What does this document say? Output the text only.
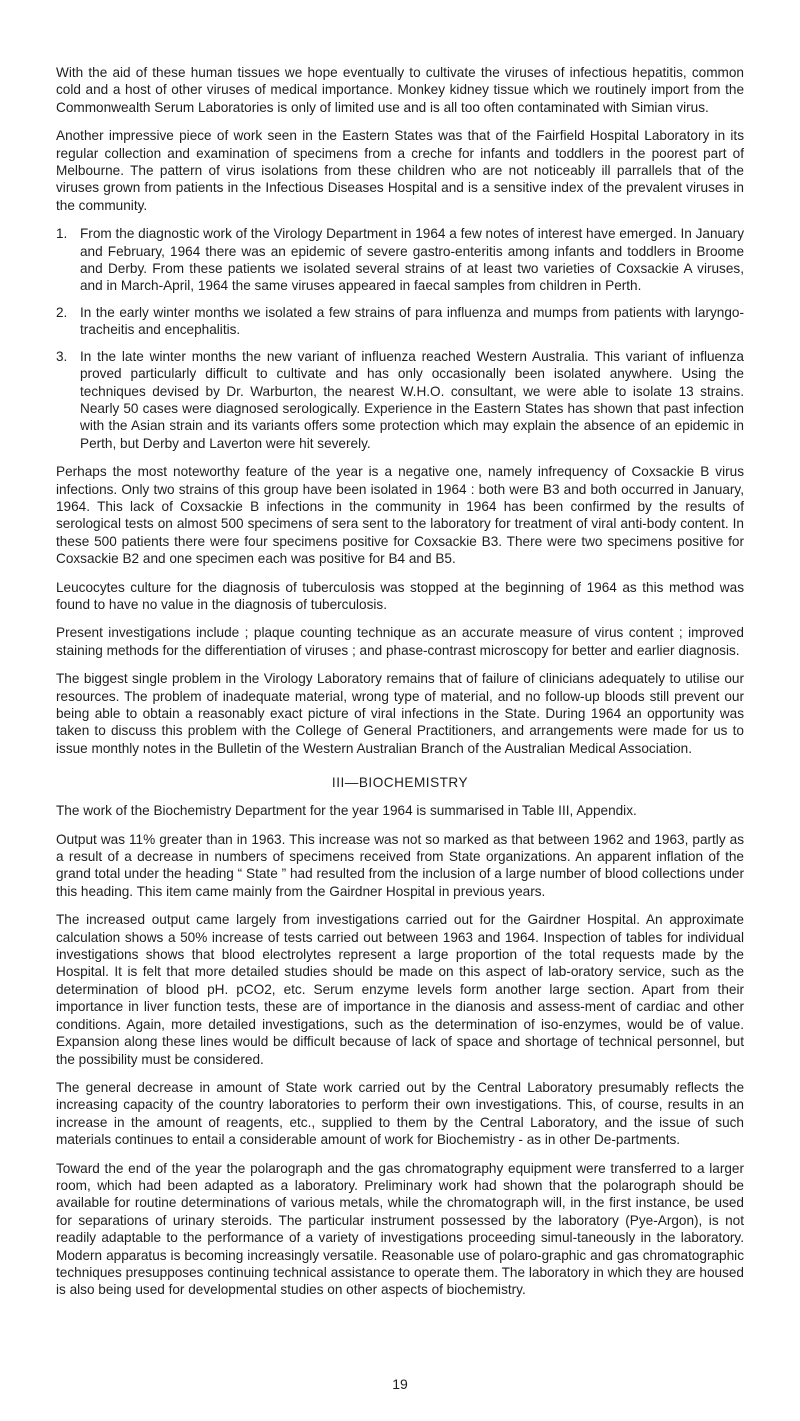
With the aid of these human tissues we hope eventually to cultivate the viruses of infectious hepatitis, common cold and a host of other viruses of medical importance. Monkey kidney tissue which we routinely import from the Commonwealth Serum Laboratories is only of limited use and is all too often contaminated with Simian virus.

Another impressive piece of work seen in the Eastern States was that of the Fairfield Hospital Laboratory in its regular collection and examination of specimens from a creche for infants and toddlers in the poorest part of Melbourne. The pattern of virus isolations from these children who are not noticeably ill parrallels that of the viruses grown from patients in the Infectious Diseases Hospital and is a sensitive index of the prevalent viruses in the community.

1. From the diagnostic work of the Virology Department in 1964 a few notes of interest have emerged. In January and February, 1964 there was an epidemic of severe gastro-enteritis among infants and toddlers in Broome and Derby. From these patients we isolated several strains of at least two varieties of Coxsackie A viruses, and in March-April, 1964 the same viruses appeared in faecal samples from children in Perth.
2. In the early winter months we isolated a few strains of para influenza and mumps from patients with laryngo-tracheitis and encephalitis.
3. In the late winter months the new variant of influenza reached Western Australia. This variant of influenza proved particularly difficult to cultivate and has only occasionally been isolated anywhere. Using the techniques devised by Dr. Warburton, the nearest W.H.O. consultant, we were able to isolate 13 strains. Nearly 50 cases were diagnosed serologically. Experience in the Eastern States has shown that past infection with the Asian strain and its variants offers some protection which may explain the absence of an epidemic in Perth, but Derby and Laverton were hit severely.

Perhaps the most noteworthy feature of the year is a negative one, namely infrequency of Coxsackie B virus infections. Only two strains of this group have been isolated in 1964 : both were B3 and both occurred in January, 1964. This lack of Coxsackie B infections in the community in 1964 has been confirmed by the results of serological tests on almost 500 specimens of sera sent to the laboratory for treatment of viral anti-body content. In these 500 patients there were four specimens positive for Coxsackie B3. There were two specimens positive for Coxsackie B2 and one specimen each was positive for B4 and B5.

Leucocytes culture for the diagnosis of tuberculosis was stopped at the beginning of 1964 as this method was found to have no value in the diagnosis of tuberculosis.

Present investigations include ; plaque counting technique as an accurate measure of virus content ; improved staining methods for the differentiation of viruses ; and phase-contrast microscopy for better and earlier diagnosis.

The biggest single problem in the Virology Laboratory remains that of failure of clinicians adequately to utilise our resources. The problem of inadequate material, wrong type of material, and no follow-up bloods still prevent our being able to obtain a reasonably exact picture of viral infections in the State. During 1964 an opportunity was taken to discuss this problem with the College of General Practitioners, and arrangements were made for us to issue monthly notes in the Bulletin of the Western Australian Branch of the Australian Medical Association.

III—BIOCHEMISTRY

The work of the Biochemistry Department for the year 1964 is summarised in Table III, Appendix.

Output was 11% greater than in 1963. This increase was not so marked as that between 1962 and 1963, partly as a result of a decrease in numbers of specimens received from State organizations. An apparent inflation of the grand total under the heading “ State ” had resulted from the inclusion of a large number of blood collections under this heading. This item came mainly from the Gairdner Hospital in previous years.

The increased output came largely from investigations carried out for the Gairdner Hospital. An approximate calculation shows a 50% increase of tests carried out between 1963 and 1964. Inspection of tables for individual investigations shows that blood electrolytes represent a large proportion of the total requests made by the Hospital. It is felt that more detailed studies should be made on this aspect of lab-oratory service, such as the determination of blood pH. pCO2, etc. Serum enzyme levels form another large section. Apart from their importance in liver function tests, these are of importance in the dianosis and assess-ment of cardiac and other conditions. Again, more detailed investigations, such as the determination of iso-enzymes, would be of value. Expansion along these lines would be difficult because of lack of space and shortage of technical personnel, but the possibility must be considered.

The general decrease in amount of State work carried out by the Central Laboratory presumably reflects the increasing capacity of the country laboratories to perform their own investigations. This, of course, results in an increase in the amount of reagents, etc., supplied to them by the Central Laboratory, and the issue of such materials continues to entail a considerable amount of work for Biochemistry - as in other De-partments.

Toward the end of the year the polarograph and the gas chromatography equipment were transferred to a larger room, which had been adapted as a laboratory. Preliminary work had shown that the polarograph should be available for routine determinations of various metals, while the chromatograph will, in the first instance, be used for separations of urinary steroids. The particular instrument possessed by the laboratory (Pye-Argon), is not readily adaptable to the performance of a variety of investigations proceeding simul-taneously in the laboratory. Modern apparatus is becoming increasingly versatile. Reasonable use of polaro-graphic and gas chromatographic techniques presupposes continuing technical assistance to operate them. The laboratory in which they are housed is also being used for developmental studies on other aspects of biochemistry.

19
